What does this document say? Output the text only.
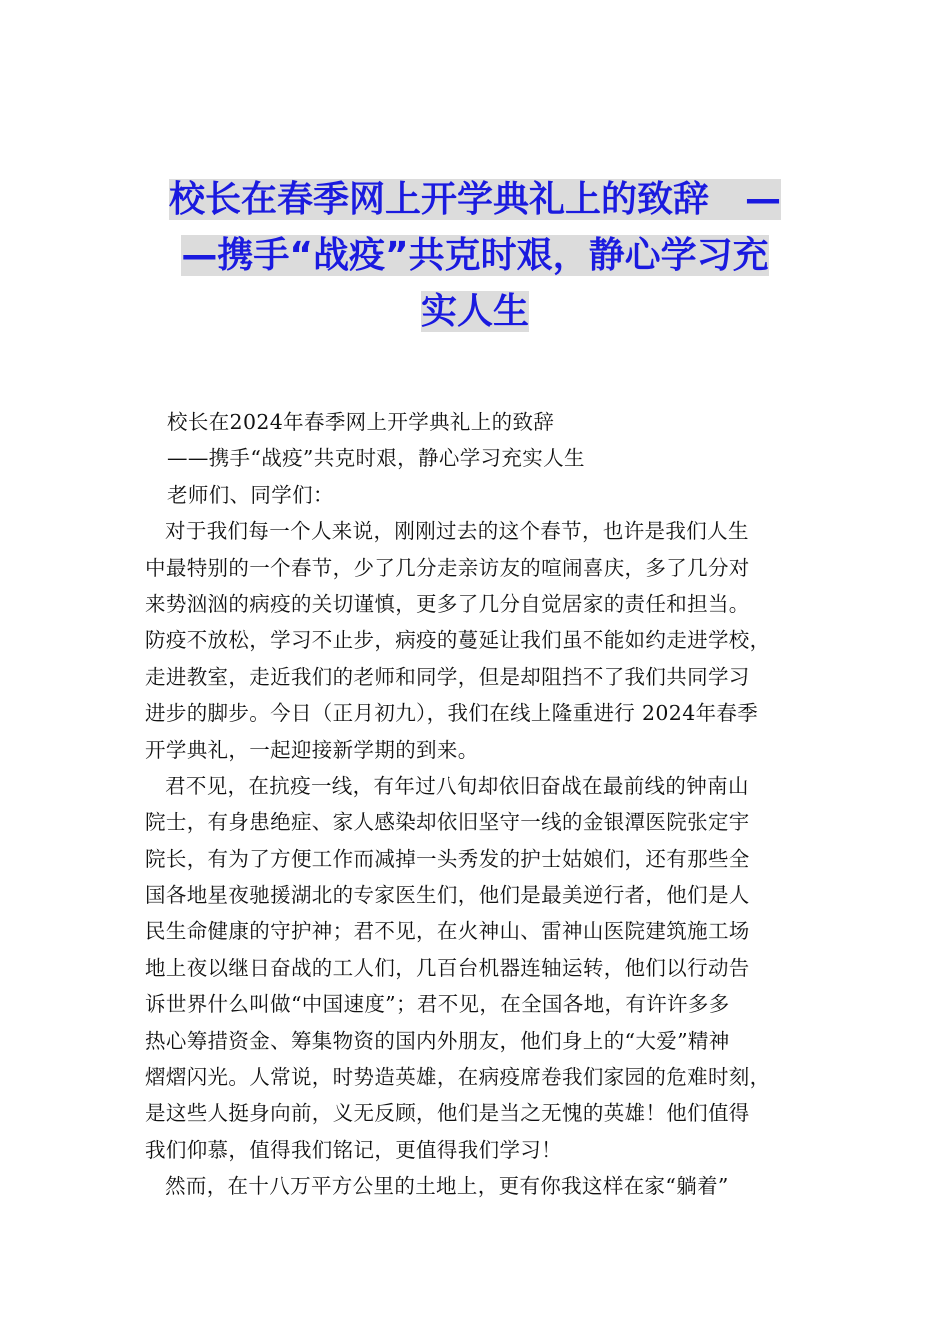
校长在春季网上开学典礼上的致辞　—
—携手“战疫”共克时艰，静心学习充
实人生
校长在2024年春季网上开学典礼上的致辞
——携手“战疫”共克时艰，静心学习充实人生
老师们、同学们：
对于我们每一个人来说，刚刚过去的这个春节，也许是我们人生
中最特别的一个春节，少了几分走亲访友的喧闹喜庆，多了几分对
来势汹汹的病疫的关切谨慎，更多了几分自觉居家的责任和担当。
防疫不放松，学习不止步，病疫的蔓延让我们虽不能如约走进学校，
走进教室，走近我们的老师和同学，但是却阻挡不了我们共同学习
进步的脚步。今日（正月初九），我们在线上隆重进行 2024年春季
开学典礼，一起迎接新学期的到来。
君不见，在抗疫一线，有年过八旬却依旧奋战在最前线的钟南山
院士，有身患绝症、家人感染却依旧坚守一线的金银潭医院张定宇
院长，有为了方便工作而减掉一头秀发的护士姑娘们，还有那些全
国各地星夜驰援湖北的专家医生们，他们是最美逆行者，他们是人
民生命健康的守护神；君不见，在火神山、雷神山医院建筑施工场
地上夜以继日奋战的工人们，几百台机器连轴运转，他们以行动告
诉世界什么叫做“中国速度”；君不见，在全国各地，有许许多多
热心筹措资金、筹集物资的国内外朋友，他们身上的“大爱”精神
熠熠闪光。人常说，时势造英雄，在病疫席卷我们家园的危难时刻，
是这些人挺身向前，义无反顾，他们是当之无愧的英雄！他们值得
我们仰慕，值得我们铭记，更值得我们学习！
然而，在十八万平方公里的土地上，更有你我这样在家“躺着”
